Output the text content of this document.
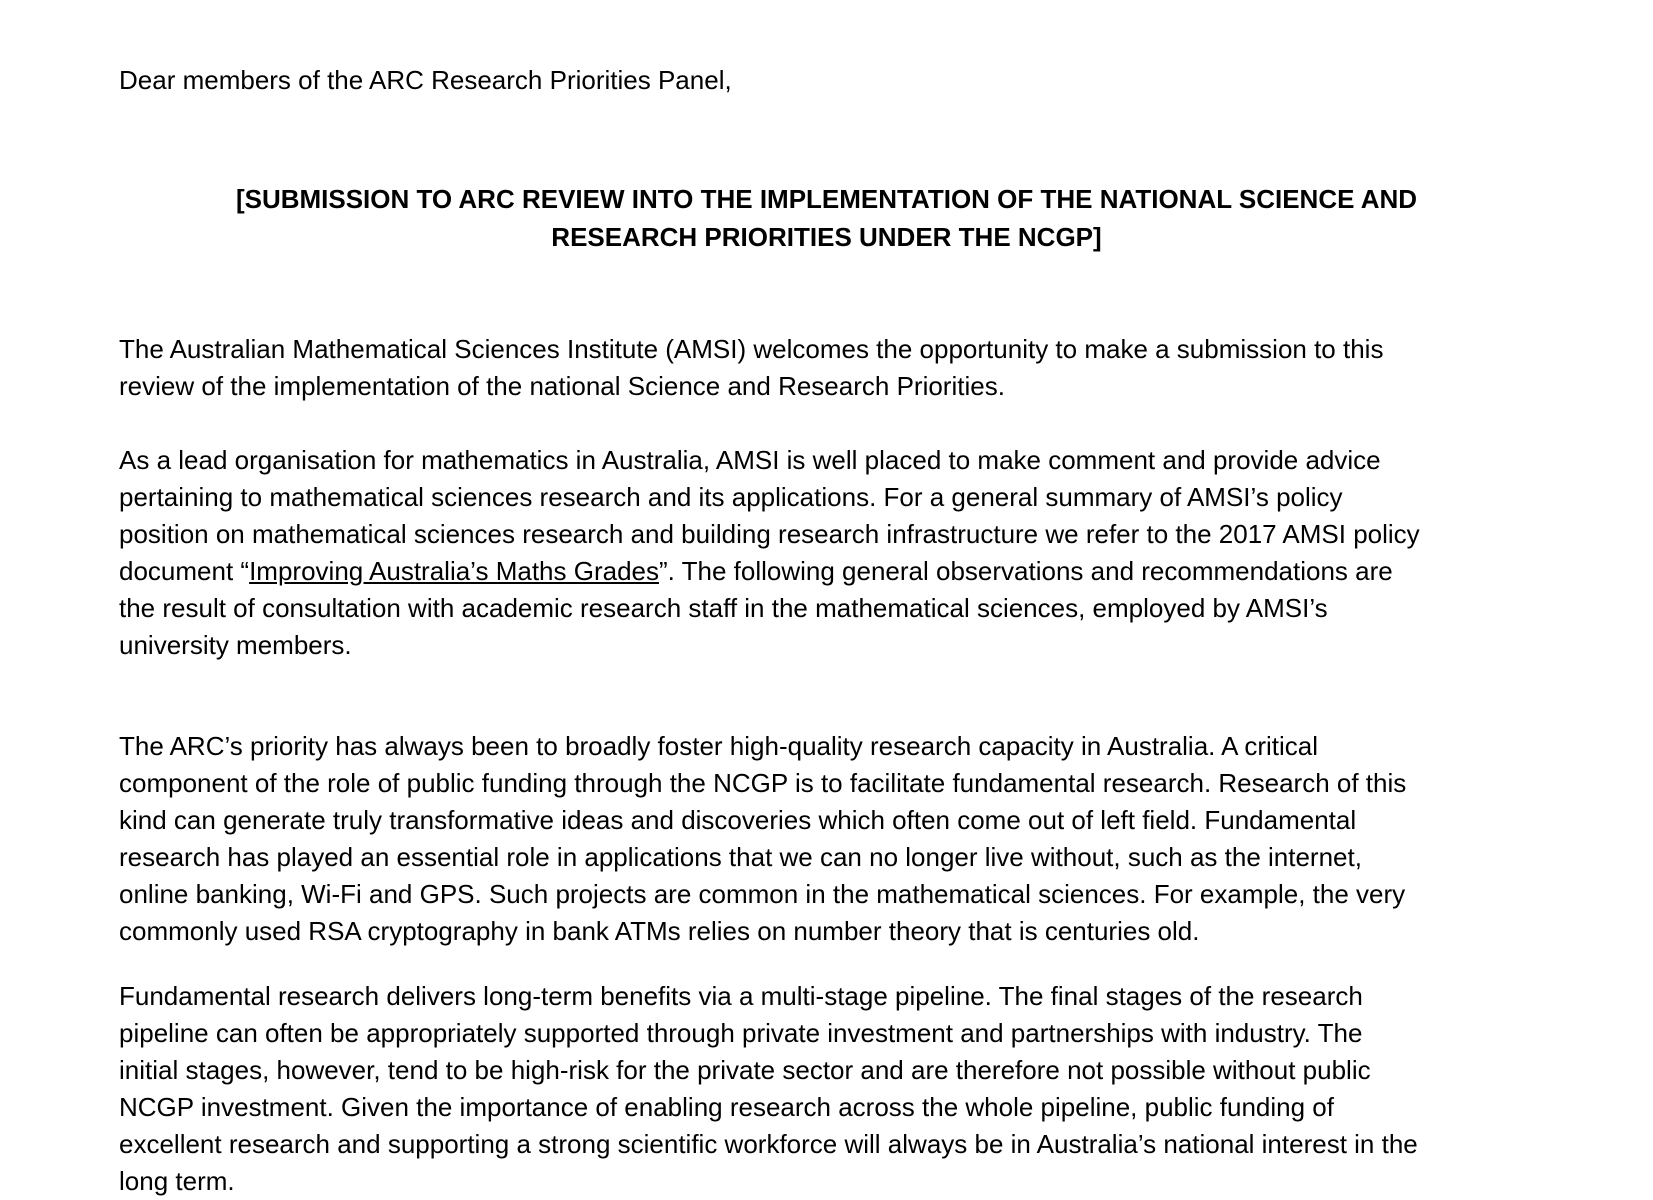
Dear members of the ARC Research Priorities Panel,

[SUBMISSION TO ARC REVIEW INTO THE IMPLEMENTATION OF THE NATIONAL SCIENCE AND
RESEARCH PRIORITIES UNDER THE NCGP]

The Australian Mathematical Sciences Institute (AMSI) welcomes the opportunity to make a submission to this
review of the implementation of the national Science and Research Priorities.

As a lead organisation for mathematics in Australia, AMSI is well placed to make comment and provide advice
pertaining to mathematical sciences research and its applications. For a general summary of AMSI’s policy
position on mathematical sciences research and building research infrastructure we refer to the 2017 AMSI policy
document “Improving Australia’s Maths Grades”. The following general observations and recommendations are
the result of consultation with academic research staff in the mathematical sciences, employed by AMSI’s
university members.

The ARC’s priority has always been to broadly foster high-quality research capacity in Australia. A critical
component of the role of public funding through the NCGP is to facilitate fundamental research. Research of this
kind can generate truly transformative ideas and discoveries which often come out of left field. Fundamental
research has played an essential role in applications that we can no longer live without, such as the internet,
online banking, Wi-Fi and GPS. Such projects are common in the mathematical sciences. For example, the very
commonly used RSA cryptography in bank ATMs relies on number theory that is centuries old.

Fundamental research delivers long-term benefits via a multi-stage pipeline. The final stages of the research
pipeline can often be appropriately supported through private investment and partnerships with industry. The
initial stages, however, tend to be high-risk for the private sector and are therefore not possible without public
NCGP investment. Given the importance of enabling research across the whole pipeline, public funding of
excellent research and supporting a strong scientific workforce will always be in Australia’s national interest in the
long term.
